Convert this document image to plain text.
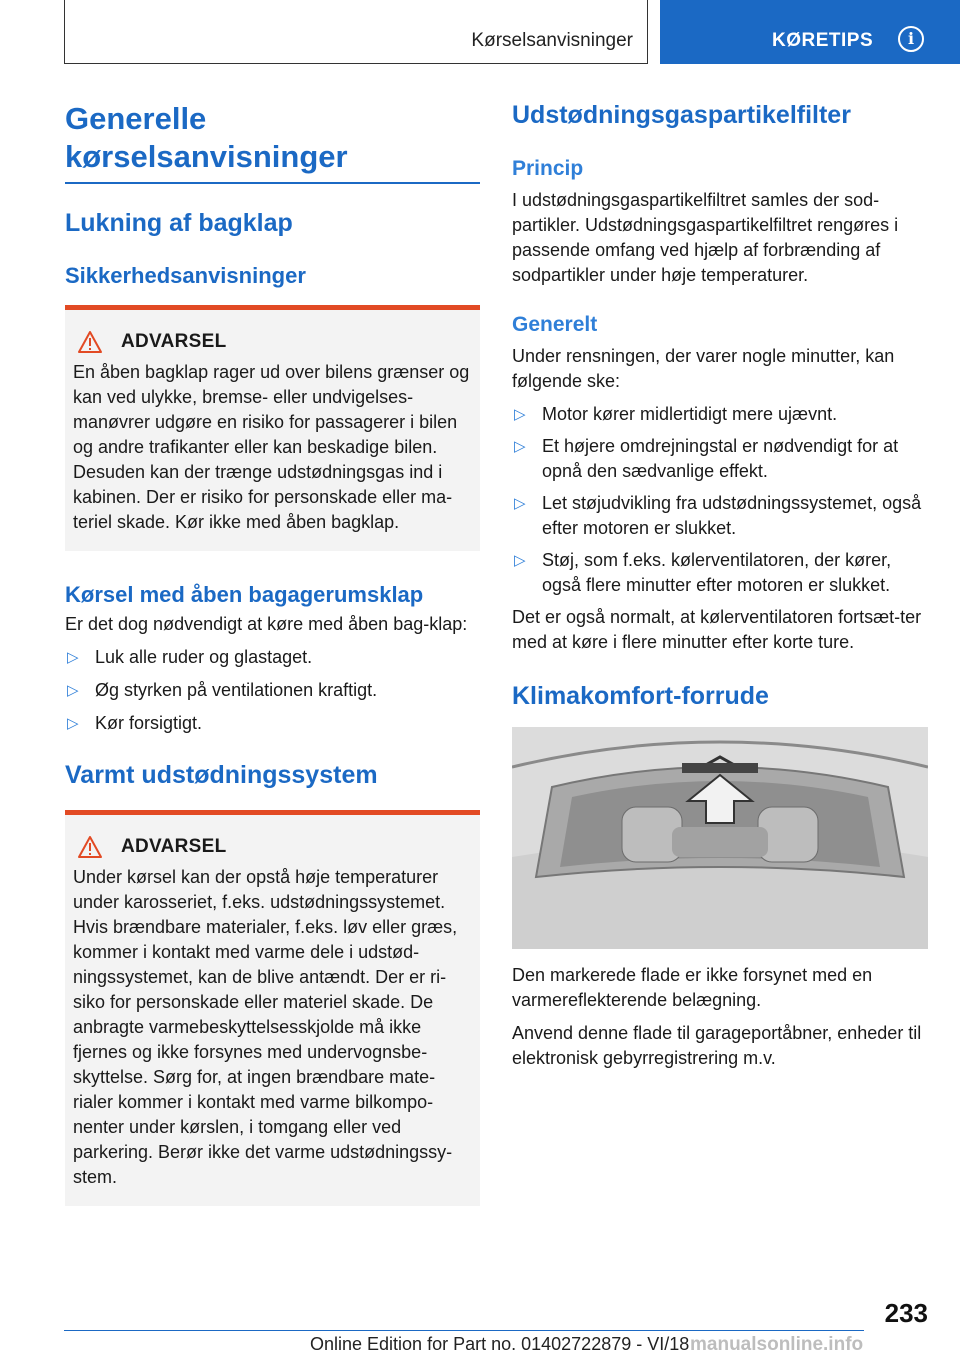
Kørselsanvisninger	KØRETIPS	i
Generelle
kørselsanvisninger
Lukning af bagklap
Sikkerhedsanvisninger
ADVARSEL

En åben bagklap rager ud over bilens grænser og kan ved ulykke, bremse- eller undvigelses-manøvrer udgøre en risiko for passagerer i bilen og andre trafikanter eller kan beskadige bilen. Desuden kan der trænge udstødningsgas ind i kabinen. Der er risiko for personskade eller ma-teriel skade. Kør ikke med åben bagklap.

Kørsel med åben bagagerumsklap

Er det dog nødvendigt at køre med åben bag-klap:

▷ Luk alle ruder og glastaget.
▷ Øg styrken på ventilationen kraftigt.
▷ Kør forsigtigt.
Varmt udstødningssystem
ADVARSEL

Under kørsel kan der opstå høje temperaturer under karosseriet, f.eks. udstødningssystemet. Hvis brændbare materialer, f.eks. løv eller græs, kommer i kontakt med varme dele i udstød-ningssystemet, kan de blive antændt. Der er ri-siko for personskade eller materiel skade. De anbragte varmebeskyttelsesskjolde må ikke fjernes og ikke forsynes med undervognsbe-skyttelse. Sørg for, at ingen brændbare mate-rialer kommer i kontakt med varme bilkompo-nenter under kørslen, i tomgang eller ved parkering. Berør ikke det varme udstødningssy-stem.

Udstødningsgaspartikelfilter
Princip

I udstødningsgaspartikelfiltret samles der sod-partikler. Udstødningsgaspartikelfiltret rengøres i passende omfang ved hjælp af forbrænding af sodpartikler under høje temperaturer.

Generelt

Under rensningen, der varer nogle minutter, kan følgende ske:

▷ Motor kører midlertidigt mere ujævnt.
▷ Et højere omdrejningstal er nødvendigt for at opnå den sædvanlige effekt.
▷ Let støjudvikling fra udstødningssystemet, også efter motoren er slukket.
▷ Støj, som f.eks. kølerventilatoren, der kører, også flere minutter efter motoren er slukket.

Det er også normalt, at kølerventilatoren fortsæt-ter med at køre i flere minutter efter korte ture.

Klimakomfort-forrude

Den markerede flade er ikke forsynet med en varmereflekterende belægning.

Anvend denne flade til garageportåbner, enheder til elektronisk gebyrregistrering m.v.

233
Online Edition for Part no. 01402722879 - VI/18 manualsonline.info
